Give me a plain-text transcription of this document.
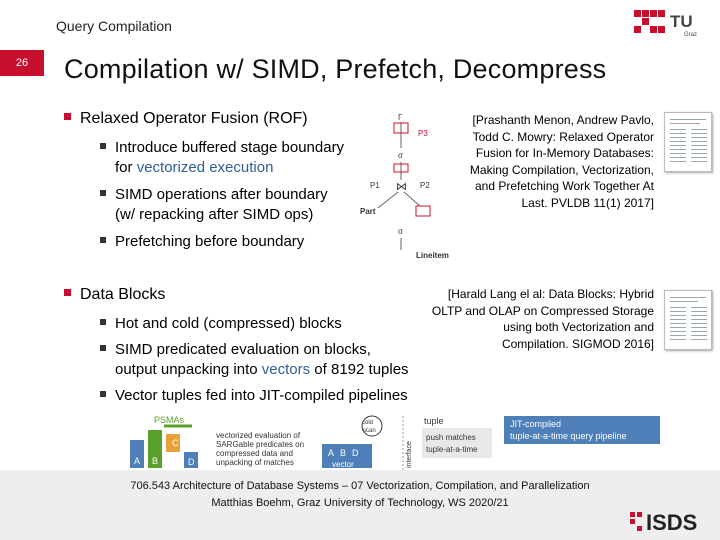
Query Compilation	TU
Graz
26	Compilation w/ SIMD, Prefetch, Decompress
Relaxed Operator Fusion (ROF)
Introduce buffered stage boundary
for vectorized execution
SIMD operations after boundary
(w/ repacking after SIMD ops)
Prefetching before boundary
Γ
P3
σ
⋈
P1	P2
Part
σ
Lineitem
[Prashanth Menon, Andrew Pavlo,
Todd C. Mowry: Relaxed Operator
Fusion for In-Memory Databases:
Making Compilation, Vectorization,
and Prefetching Work Together At
Last. PVLDB 11(1) 2017]
Data Blocks	[Harald Lang el al: Data Blocks: Hybrid
OLTP and OLAP on Compressed Storage
using both Vectorization and
Compilation. SIGMOD 2016]
Hot and cold (compressed) blocks
SIMD predicated evaluation on blocks,
output unpacking into vectors of 8192 tuples
Vector tuples fed into JIT-compiled pipelines
PSMAs
A B
C
D
vectorized evaluation of
SARGable predicates on
compressed data and
unpacking of matches
cold
scan
A B D
vector	interface
tuple
push matches
tuple-at-a-time
JIT-compiled
tuple-at-a-time query pipeline
706.543 Architecture of Database Systems – 07 Vectorization, Compilation, and Parallelization
Matthias Boehm, Graz University of Technology, WS 2020/21
ISDS
